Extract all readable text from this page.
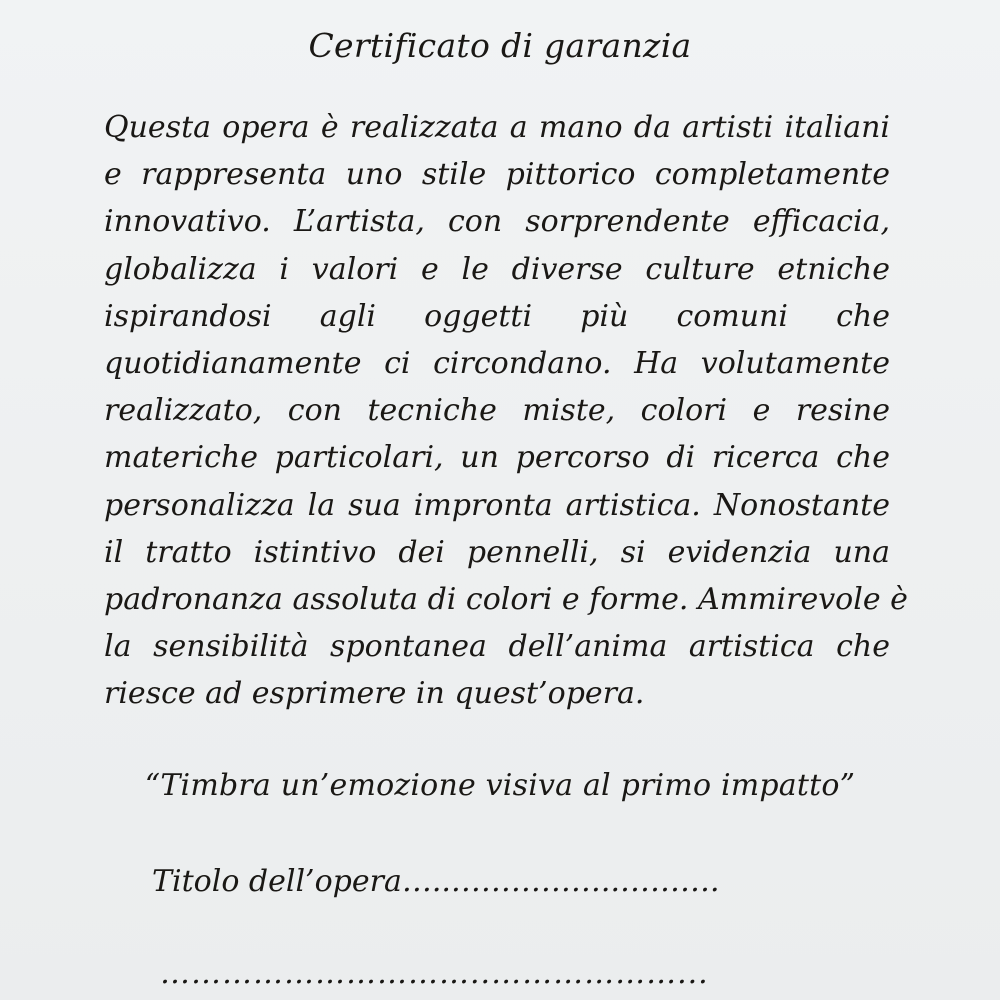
Certificato di garanzia
Questa opera è realizzata a mano da artisti italiani
e rappresenta uno stile pittorico completamente
innovativo. L’artista, con sorprendente efficacia,
globalizza i valori e le diverse culture etniche
ispirandosi agli oggetti più comuni che
quotidianamente ci circondano. Ha volutamente
realizzato, con tecniche miste, colori e resine
materiche particolari, un percorso di ricerca che
personalizza la sua impronta artistica. Nonostante
il tratto istintivo dei pennelli, si evidenzia una
padronanza assoluta di colori e forme. Ammirevole è
la sensibilità spontanea dell’anima artistica che
riesce ad esprimere in quest’opera.
“Timbra un’emozione visiva al primo impatto”
Titolo dell’opera…..……………..……….
…………………………..………………...
